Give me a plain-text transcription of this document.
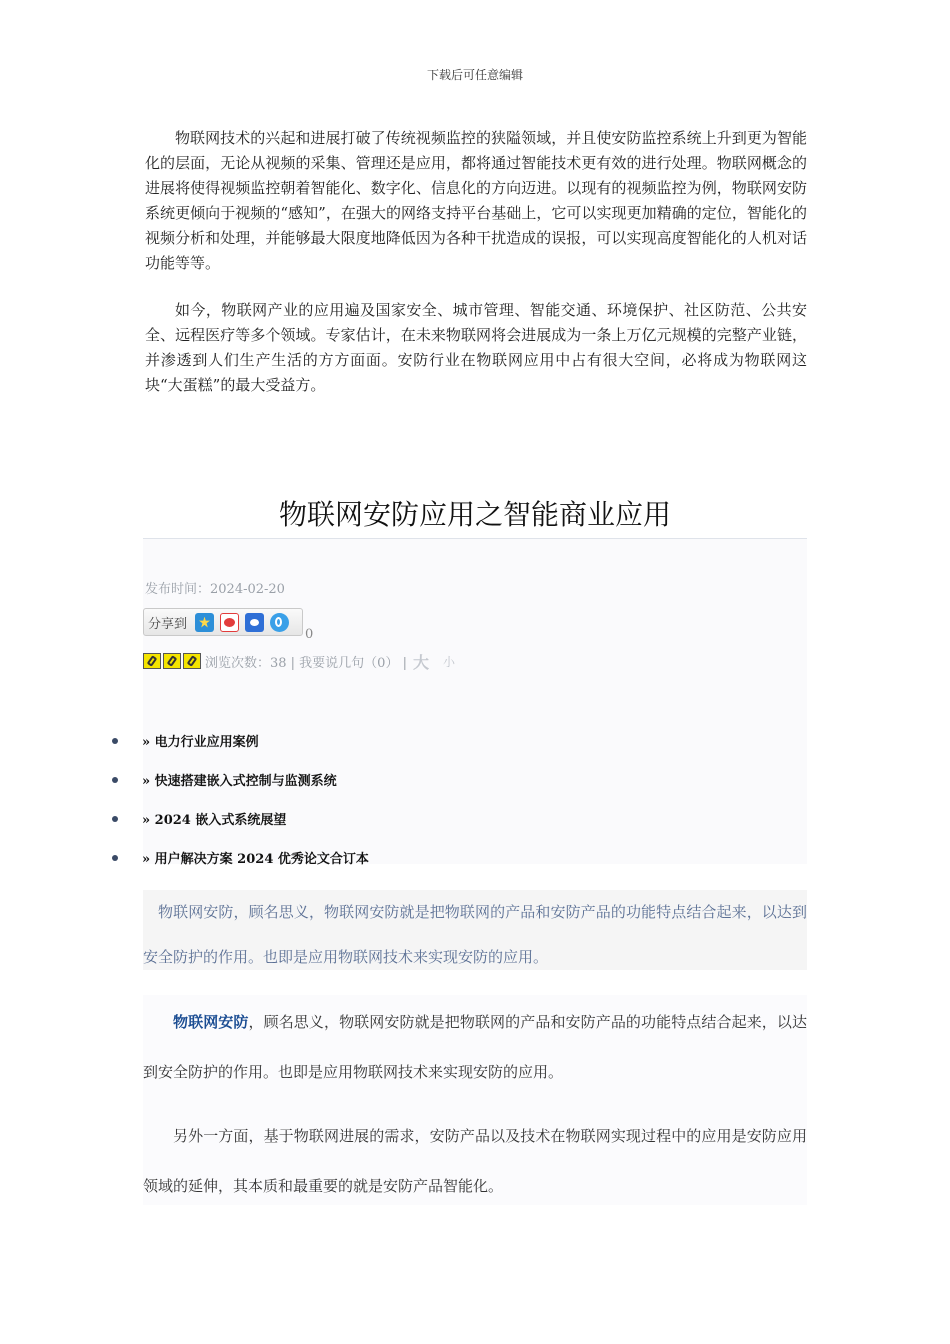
下载后可任意编辑

物联网技术的兴起和进展打破了传统视频监控的狭隘领域，并且使安防监控系统上升到更为智能化的层面，无论从视频的采集、管理还是应用，都将通过智能技术更有效的进行处理。物联网概念的进展将使得视频监控朝着智能化、数字化、信息化的方向迈进。以现有的视频监控为例，物联网安防系统更倾向于视频的“感知”，在强大的网络支持平台基础上，它可以实现更加精确的定位，智能化的视频分析和处理，并能够最大限度地降低因为各种干扰造成的误报，可以实现高度智能化的人机对话功能等等。

如今，物联网产业的应用遍及国家安全、城市管理、智能交通、环境保护、社区防范、公共安全、远程医疗等多个领域。专家估计，在未来物联网将会进展成为一条上万亿元规模的完整产业链，并渗透到人们生产生活的方方面面。安防行业在物联网应用中占有很大空间，必将成为物联网这块“大蛋糕”的最大受益方。

物联网安防应用之智能商业应用
发布时间：2024-02-20
分享到
0
浏览次数：38 | 我要说几句（0） | 大 小
» 电力行业应用案例
» 快速搭建嵌入式控制与监测系统
» 2024 嵌入式系统展望
» 用户解决方案 2024 优秀论文合订本

物联网安防，顾名思义，物联网安防就是把物联网的产品和安防产品的功能特点结合起来，以达到安全防护的作用。也即是应用物联网技术来实现安防的应用。

物联网安防，顾名思义，物联网安防就是把物联网的产品和安防产品的功能特点结合起来，以达到安全防护的作用。也即是应用物联网技术来实现安防的应用。

另外一方面，基于物联网进展的需求，安防产品以及技术在物联网实现过程中的应用是安防应用领域的延伸，其本质和最重要的就是安防产品智能化。
